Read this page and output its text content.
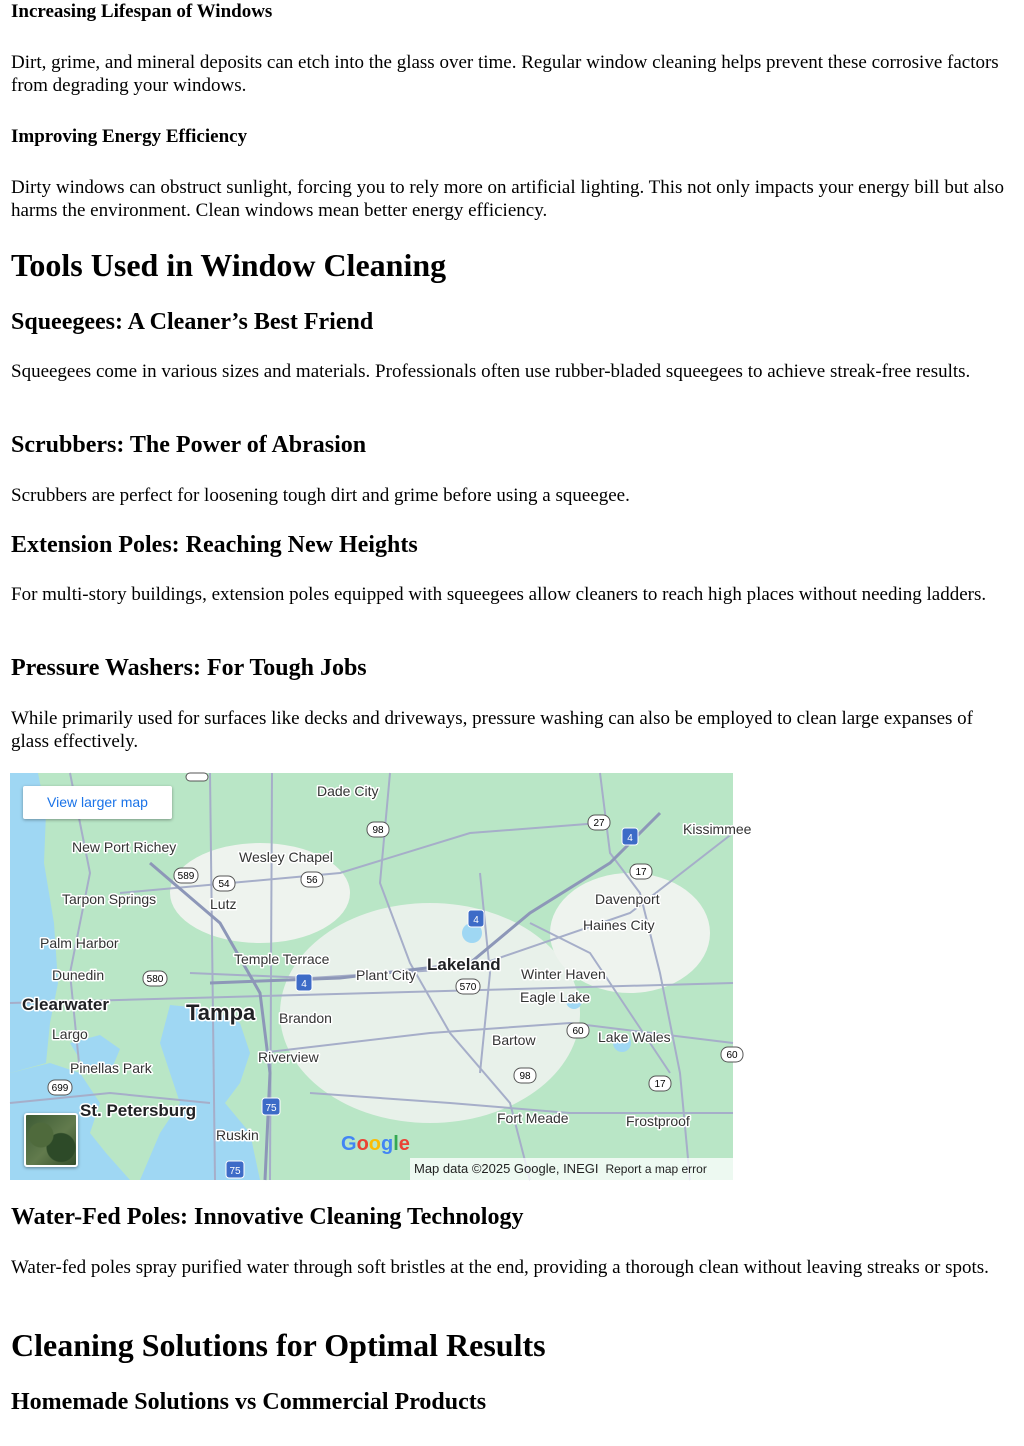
Increasing Lifespan of Windows

Dirt, grime, and mineral deposits can etch into the glass over time. Regular window cleaning helps prevent these corrosive factors from degrading your windows.

Improving Energy Efficiency

Dirty windows can obstruct sunlight, forcing you to rely more on artificial lighting. This not only impacts your energy bill but also harms the environment. Clean windows mean better energy efficiency.

Tools Used in Window Cleaning
Squeegees: A Cleaner’s Best Friend

Squeegees come in various sizes and materials. Professionals often use rubber-bladed squeegees to achieve streak-free results.

Scrubbers: The Power of Abrasion

Scrubbers are perfect for loosening tough dirt and grime before using a squeegee.

Extension Poles: Reaching New Heights

For multi-story buildings, extension poles equipped with squeegees allow cleaners to reach high places without needing ladders.

Pressure Washers: For Tough Jobs

While primarily used for surfaces like decks and driveways, pressure washing can also be employed to clean large expanses of glass effectively.

Dade City
Kissimmee
New Port Richey
Wesley Chapel
Lutz
Tarpon Springs	Davenport
Haines City
Palm Harbor
Temple Terrace
Plant City
Lakeland Winter Haven
Dunedin
Clearwater	Tampa Brandon
Eagle Lake
Largo	Bartow	Lake Wales
Riverview
Pinellas Park
St. Petersburg	Fort Meade	Frostproof
Ruskin
98
27
4
589
54	56
17
4
580	4	570
60
98
699	17
75
75
60
View larger map
Google
Map data ©2025 Google, INEGI Report a map error
Water-Fed Poles: Innovative Cleaning Technology

Water-fed poles spray purified water through soft bristles at the end, providing a thorough clean without leaving streaks or spots.

Cleaning Solutions for Optimal Results
Homemade Solutions vs Commercial Products
